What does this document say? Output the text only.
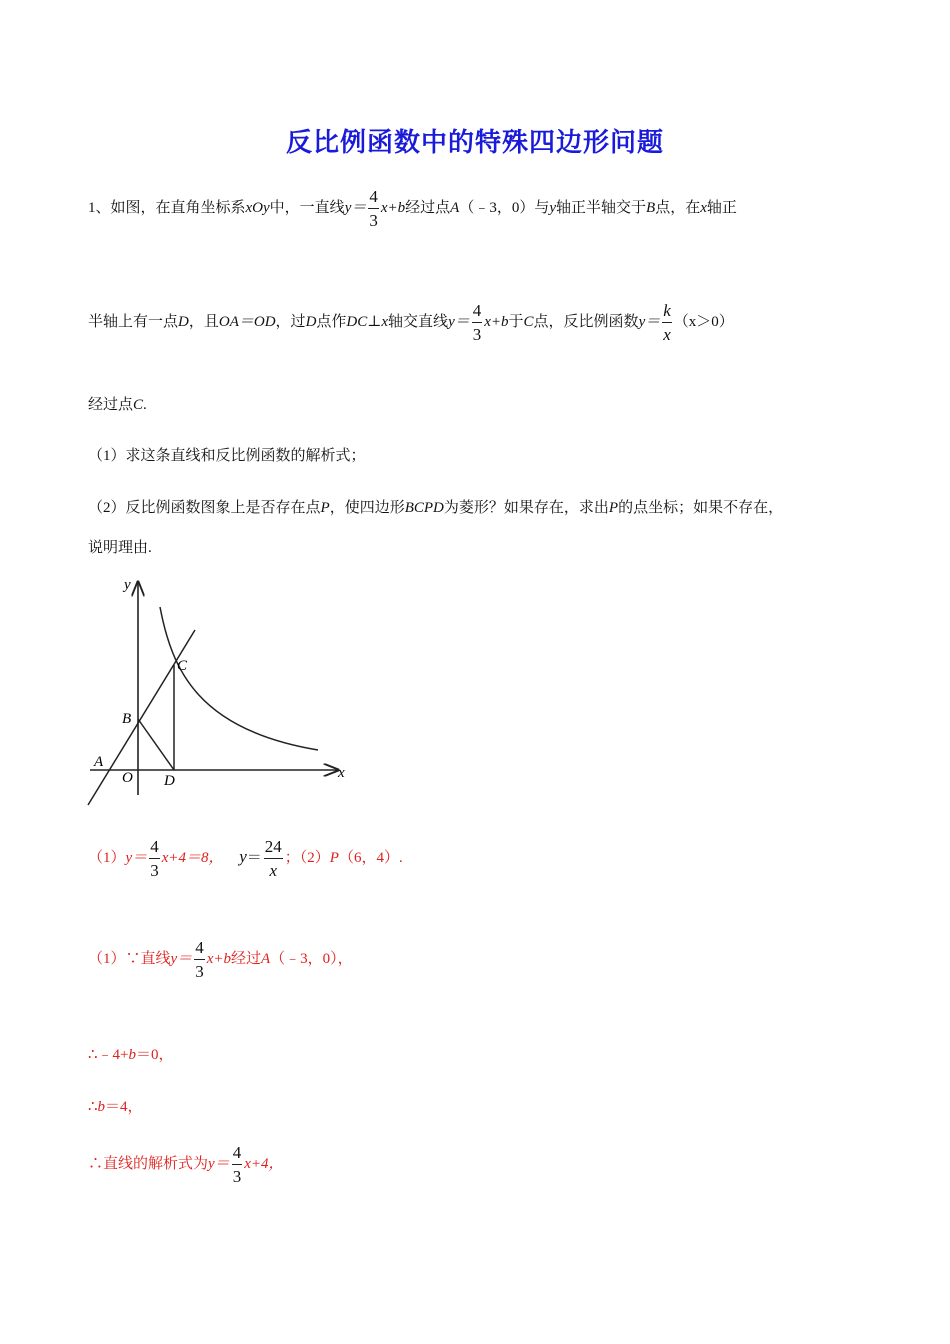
反比例函数中的特殊四边形问题
1、如图，在直角坐标系xOy中，一直线$y= \frac{4}{3} x+b$经过点A（﹣3，0）与y轴正半轴交于B点，在x轴正
半轴上有一点D，且OA＝OD，过D点作DC⊥x轴交直线$y= \frac{4}{3} x+b$于C点，反比例函数$y= \frac{k}{x} (x>0)$
经过点C.
（1）求这条直线和反比例函数的解析式；
（2）反比例函数图象上是否存在点P，使四边形BCPD为菱形？如果存在，求出P的点坐标；如果不存在，
说明理由.
y
x
A
O
B
C
D
$(1)y= \frac{4}{3} x+4=8$， $y= \frac{24}{x}$ ；（2）P（6，4）.
（1）∵直线$y= \frac{4}{3} x+b$经过A（﹣3，0），
∴﹣4+b＝0，
∴b＝4，
∴直线的解析式为$y= \frac{4}{3} x+4$，
